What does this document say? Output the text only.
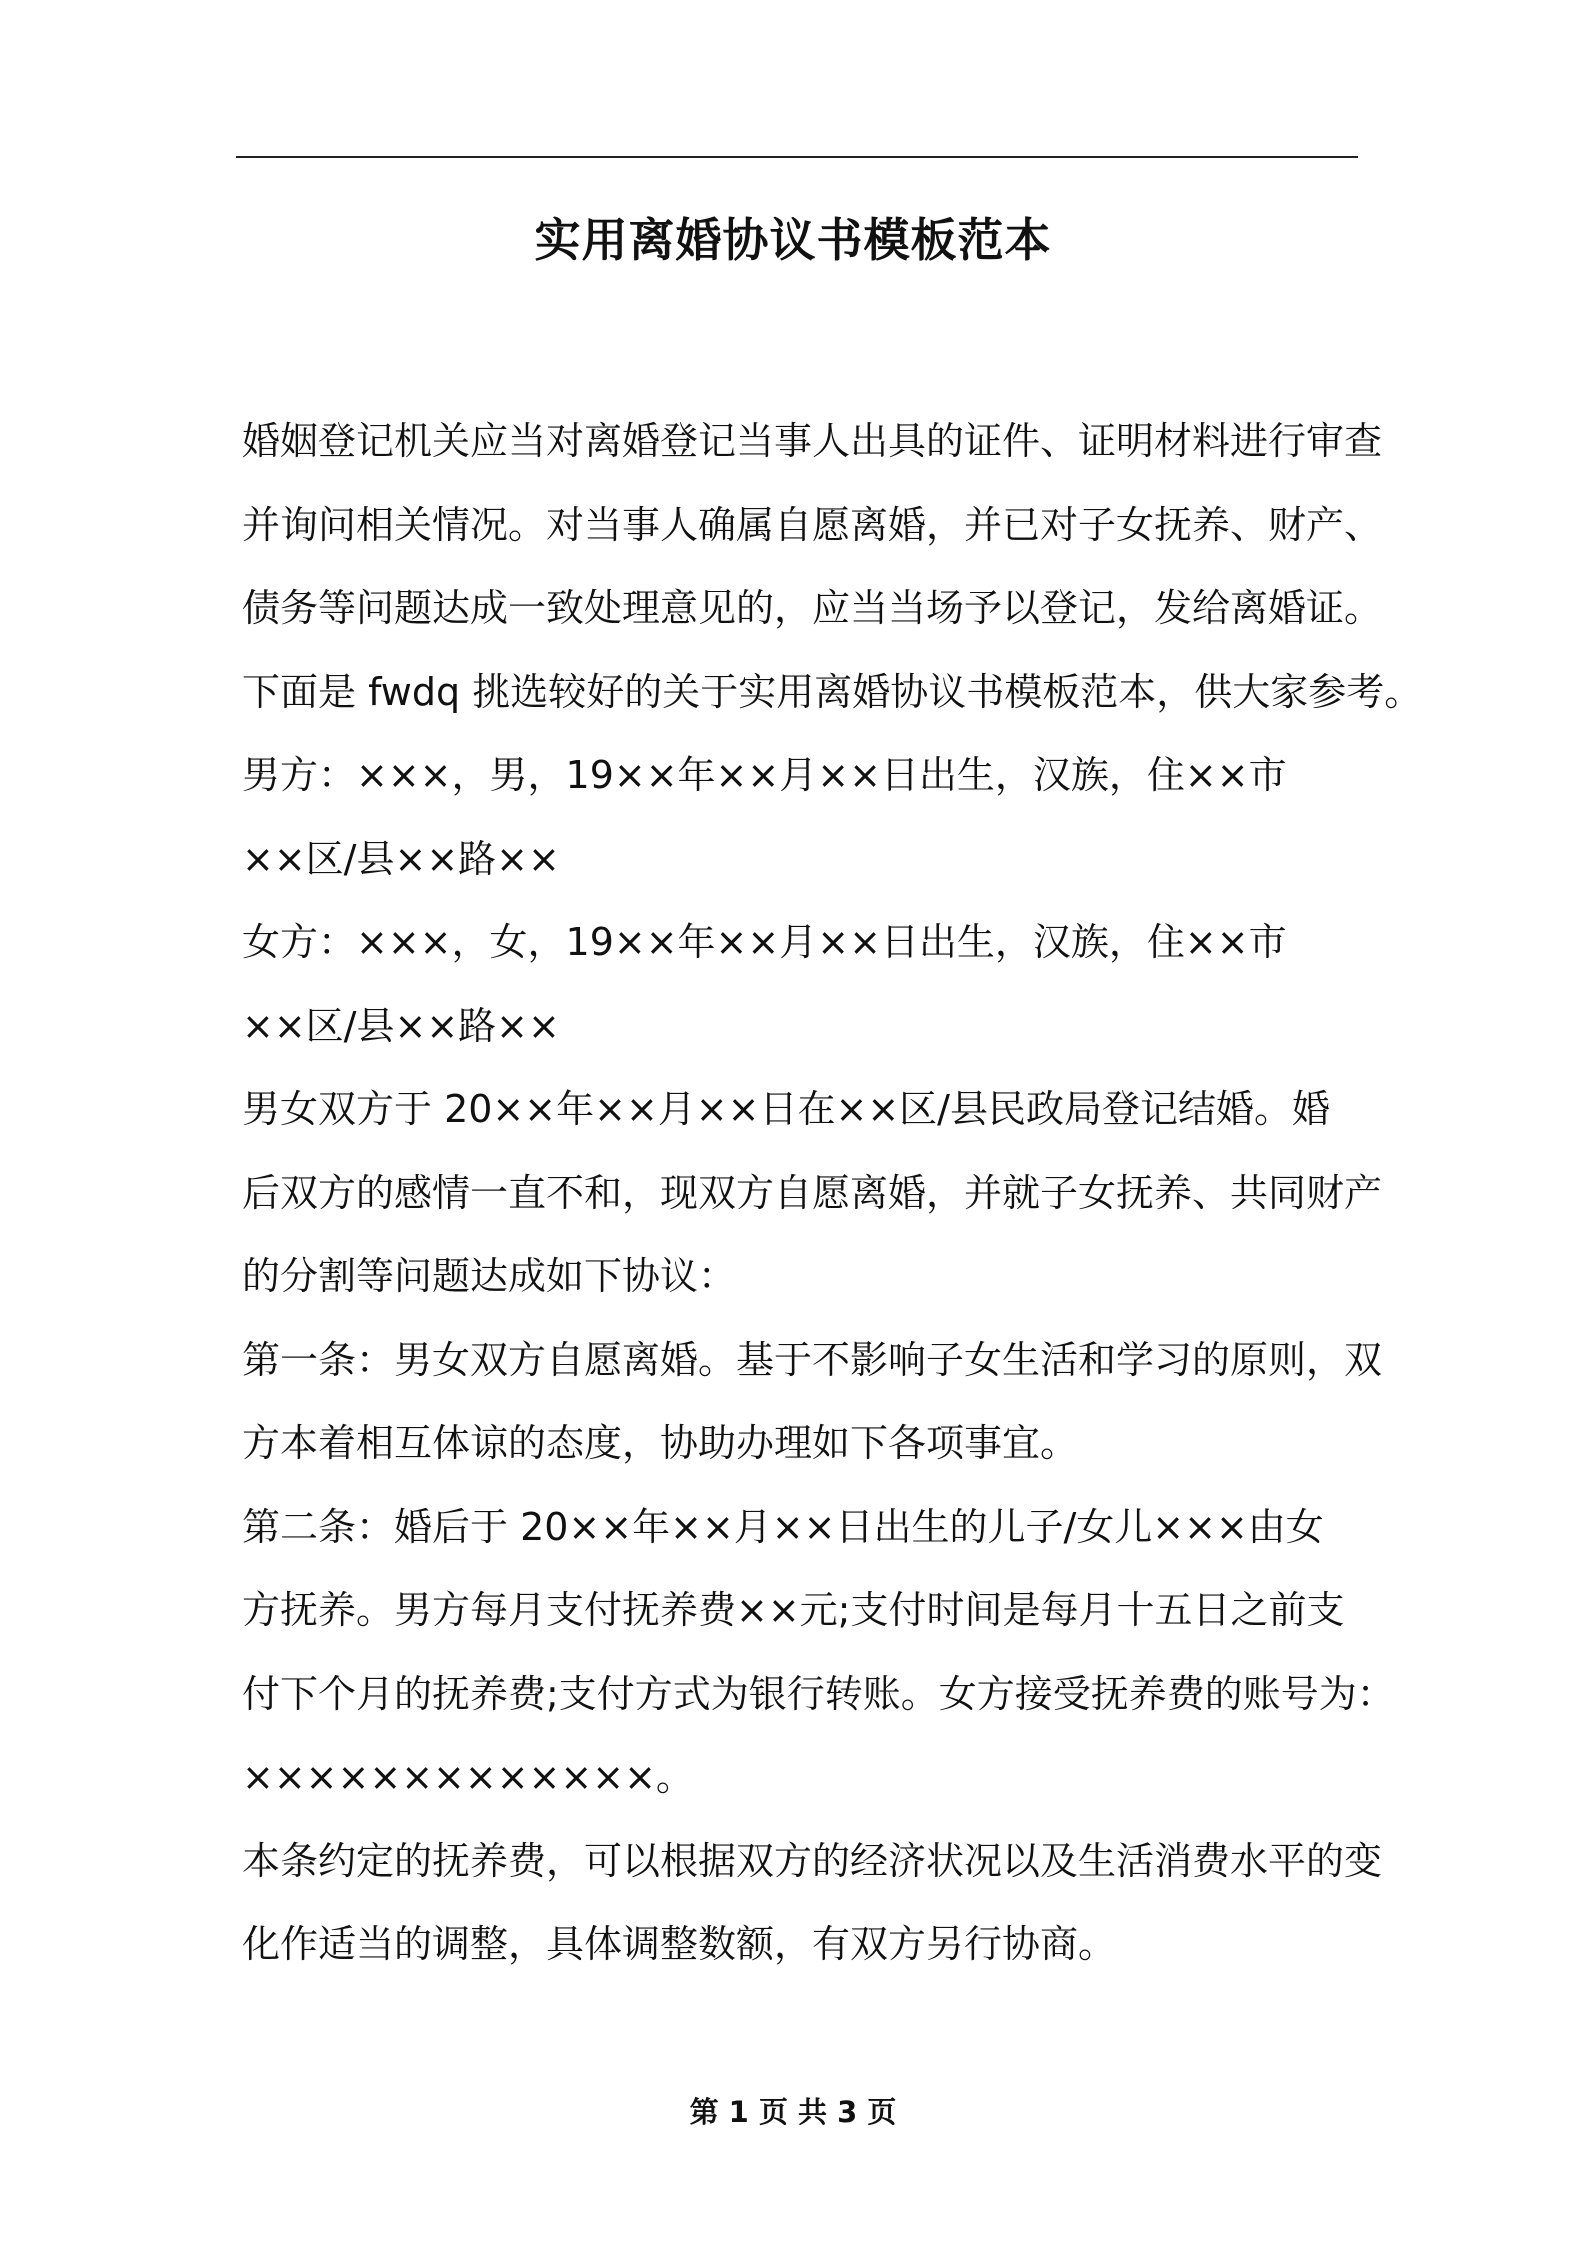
实用离婚协议书模板范本

婚姻登记机关应当对离婚登记当事人出具的证件、证明材料进行审查

并询问相关情况。对当事人确属自愿离婚，并已对子女抚养、财产、

债务等问题达成一致处理意见的，应当当场予以登记，发给离婚证。

下面是 fwdq 挑选较好的关于实用离婚协议书模板范本，供大家参考。

男方：×××，男，19××年××月××日出生，汉族，住××市

××区/县××路××

女方：×××，女，19××年××月××日出生，汉族，住××市

××区/县××路××

男女双方于 20××年××月××日在××区/县民政局登记结婚。婚

后双方的感情一直不和，现双方自愿离婚，并就子女抚养、共同财产

的分割等问题达成如下协议：

第一条：男女双方自愿离婚。基于不影响子女生活和学习的原则，双

方本着相互体谅的态度，协助办理如下各项事宜。

第二条：婚后于 20××年××月××日出生的儿子/女儿×××由女

方抚养。男方每月支付抚养费××元;支付时间是每月十五日之前支

付下个月的抚养费;支付方式为银行转账。女方接受抚养费的账号为：

×××××××××××××。

本条约定的抚养费，可以根据双方的经济状况以及生活消费水平的变

化作适当的调整，具体调整数额，有双方另行协商。

第 1 页 共 3 页
